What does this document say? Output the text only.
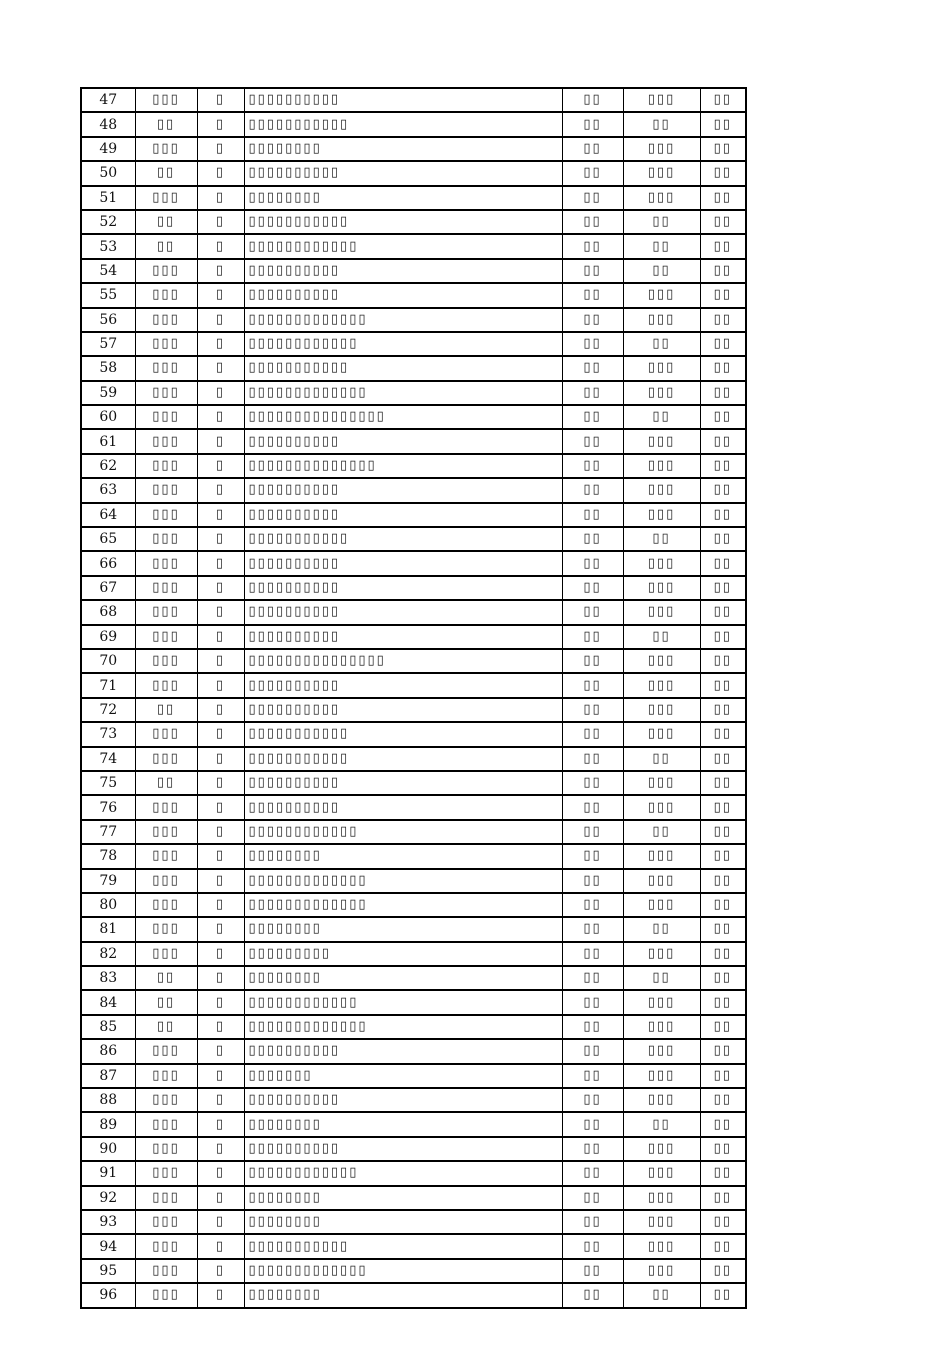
47	▯▯▯	▯	▯▯▯▯▯▯▯▯▯▯	▯▯	▯▯▯	▯▯
48	▯▯	▯	▯▯▯▯▯▯▯▯▯▯▯	▯▯	▯▯	▯▯
49	▯▯▯	▯	▯▯▯▯▯▯▯▯	▯▯	▯▯▯	▯▯
50	▯▯	▯	▯▯▯▯▯▯▯▯▯▯	▯▯	▯▯▯	▯▯
51	▯▯▯	▯	▯▯▯▯▯▯▯▯	▯▯	▯▯▯	▯▯
52	▯▯	▯	▯▯▯▯▯▯▯▯▯▯▯	▯▯	▯▯	▯▯
53	▯▯	▯	▯▯▯▯▯▯▯▯▯▯▯▯	▯▯	▯▯	▯▯
54	▯▯▯	▯	▯▯▯▯▯▯▯▯▯▯	▯▯	▯▯	▯▯
55	▯▯▯	▯	▯▯▯▯▯▯▯▯▯▯	▯▯	▯▯▯	▯▯
56	▯▯▯	▯	▯▯▯▯▯▯▯▯▯▯▯▯▯	▯▯	▯▯▯	▯▯
57	▯▯▯	▯	▯▯▯▯▯▯▯▯▯▯▯▯	▯▯	▯▯	▯▯
58	▯▯▯	▯	▯▯▯▯▯▯▯▯▯▯▯	▯▯	▯▯▯	▯▯
59	▯▯▯	▯	▯▯▯▯▯▯▯▯▯▯▯▯▯	▯▯	▯▯▯	▯▯
60	▯▯▯	▯	▯▯▯▯▯▯▯▯▯▯▯▯▯▯▯	▯▯	▯▯	▯▯
61	▯▯▯	▯	▯▯▯▯▯▯▯▯▯▯	▯▯	▯▯▯	▯▯
62	▯▯▯	▯	▯▯▯▯▯▯▯▯▯▯▯▯▯▯	▯▯	▯▯▯	▯▯
63	▯▯▯	▯	▯▯▯▯▯▯▯▯▯▯	▯▯	▯▯▯	▯▯
64	▯▯▯	▯	▯▯▯▯▯▯▯▯▯▯	▯▯	▯▯▯	▯▯
65	▯▯▯	▯	▯▯▯▯▯▯▯▯▯▯▯	▯▯	▯▯	▯▯
66	▯▯▯	▯	▯▯▯▯▯▯▯▯▯▯	▯▯	▯▯▯	▯▯
67	▯▯▯	▯	▯▯▯▯▯▯▯▯▯▯	▯▯	▯▯▯	▯▯
68	▯▯▯	▯	▯▯▯▯▯▯▯▯▯▯	▯▯	▯▯▯	▯▯
69	▯▯▯	▯	▯▯▯▯▯▯▯▯▯▯	▯▯	▯▯	▯▯
70	▯▯▯	▯	▯▯▯▯▯▯▯▯▯▯▯▯▯▯▯	▯▯	▯▯▯	▯▯
71	▯▯▯	▯	▯▯▯▯▯▯▯▯▯▯	▯▯	▯▯▯	▯▯
72	▯▯	▯	▯▯▯▯▯▯▯▯▯▯	▯▯	▯▯▯	▯▯
73	▯▯▯	▯	▯▯▯▯▯▯▯▯▯▯▯	▯▯	▯▯▯	▯▯
74	▯▯▯	▯	▯▯▯▯▯▯▯▯▯▯▯	▯▯	▯▯	▯▯
75	▯▯	▯	▯▯▯▯▯▯▯▯▯▯	▯▯	▯▯▯	▯▯
76	▯▯▯	▯	▯▯▯▯▯▯▯▯▯▯	▯▯	▯▯▯	▯▯
77	▯▯▯	▯	▯▯▯▯▯▯▯▯▯▯▯▯	▯▯	▯▯	▯▯
78	▯▯▯	▯	▯▯▯▯▯▯▯▯	▯▯	▯▯▯	▯▯
79	▯▯▯	▯	▯▯▯▯▯▯▯▯▯▯▯▯▯	▯▯	▯▯▯	▯▯
80	▯▯▯	▯	▯▯▯▯▯▯▯▯▯▯▯▯▯	▯▯	▯▯▯	▯▯
81	▯▯▯	▯	▯▯▯▯▯▯▯▯	▯▯	▯▯	▯▯
82	▯▯▯	▯	▯▯▯▯▯▯▯▯▯	▯▯	▯▯▯	▯▯
83	▯▯	▯	▯▯▯▯▯▯▯▯	▯▯	▯▯	▯▯
84	▯▯	▯	▯▯▯▯▯▯▯▯▯▯▯▯	▯▯	▯▯▯	▯▯
85	▯▯	▯	▯▯▯▯▯▯▯▯▯▯▯▯▯	▯▯	▯▯▯	▯▯
86	▯▯▯	▯	▯▯▯▯▯▯▯▯▯▯	▯▯	▯▯▯	▯▯
87	▯▯▯	▯	▯▯▯▯▯▯▯	▯▯	▯▯▯	▯▯
88	▯▯▯	▯	▯▯▯▯▯▯▯▯▯▯	▯▯	▯▯▯	▯▯
89	▯▯▯	▯	▯▯▯▯▯▯▯▯	▯▯	▯▯	▯▯
90	▯▯▯	▯	▯▯▯▯▯▯▯▯▯▯	▯▯	▯▯▯	▯▯
91	▯▯▯	▯	▯▯▯▯▯▯▯▯▯▯▯▯	▯▯	▯▯▯	▯▯
92	▯▯▯	▯	▯▯▯▯▯▯▯▯	▯▯	▯▯▯	▯▯
93	▯▯▯	▯	▯▯▯▯▯▯▯▯	▯▯	▯▯▯	▯▯
94	▯▯▯	▯	▯▯▯▯▯▯▯▯▯▯▯	▯▯	▯▯▯	▯▯
95	▯▯▯	▯	▯▯▯▯▯▯▯▯▯▯▯▯▯	▯▯	▯▯▯	▯▯
96	▯▯▯	▯	▯▯▯▯▯▯▯▯	▯▯	▯▯	▯▯
